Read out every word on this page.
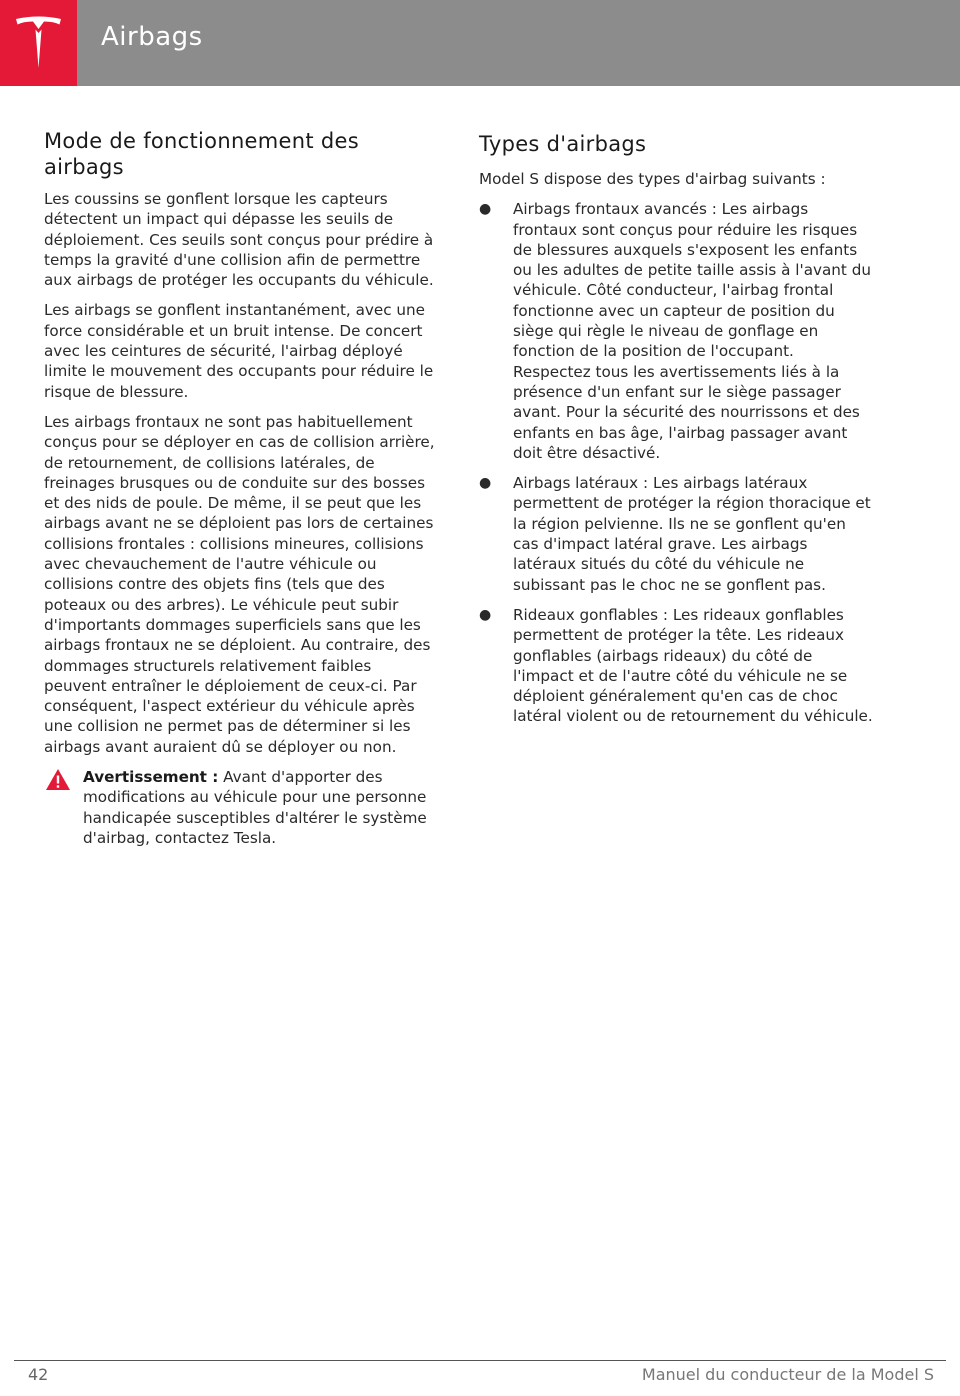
Airbags
Mode de fonctionnement des airbags

Les coussins se gonflent lorsque les capteurs détectent un impact qui dépasse les seuils de déploiement. Ces seuils sont conçus pour prédire à temps la gravité d'une collision afin de permettre aux airbags de protéger les occupants du véhicule.

Les airbags se gonflent instantanément, avec une force considérable et un bruit intense. De concert avec les ceintures de sécurité, l'airbag déployé limite le mouvement des occupants pour réduire le risque de blessure.

Les airbags frontaux ne sont pas habituellement conçus pour se déployer en cas de collision arrière, de retournement, de collisions latérales, de freinages brusques ou de conduite sur des bosses et des nids de poule. De même, il se peut que les airbags avant ne se déploient pas lors de certaines collisions frontales : collisions mineures, collisions avec chevauchement de l'autre véhicule ou collisions contre des objets fins (tels que des poteaux ou des arbres). Le véhicule peut subir d'importants dommages superficiels sans que les airbags frontaux ne se déploient. Au contraire, des dommages structurels relativement faibles peuvent entraîner le déploiement de ceux-ci. Par conséquent, l'aspect extérieur du véhicule après une collision ne permet pas de déterminer si les airbags avant auraient dû se déployer ou non.

Avertissement : Avant d'apporter des modifications au véhicule pour une personne handicapée susceptibles d'altérer le système d'airbag, contactez Tesla.
Types d'airbags

Model S dispose des types d'airbag suivants :

● Airbags frontaux avancés : Les airbags frontaux sont conçus pour réduire les risques de blessures auxquels s'exposent les enfants ou les adultes de petite taille assis à l'avant du véhicule. Côté conducteur, l'airbag frontal fonctionne avec un capteur de position du siège qui règle le niveau de gonflage en fonction de la position de l'occupant. Respectez tous les avertissements liés à la présence d'un enfant sur le siège passager avant. Pour la sécurité des nourrissons et des enfants en bas âge, l'airbag passager avant doit être désactivé.
● Airbags latéraux : Les airbags latéraux permettent de protéger la région thoracique et la région pelvienne. Ils ne se gonflent qu'en cas d'impact latéral grave. Les airbags latéraux situés du côté du véhicule ne subissant pas le choc ne se gonflent pas.
● Rideaux gonflables : Les rideaux gonflables permettent de protéger la tête. Les rideaux gonflables (airbags rideaux) du côté de l'impact et de l'autre côté du véhicule ne se déploient généralement qu'en cas de choc latéral violent ou de retournement du véhicule.
42	Manuel du conducteur de la Model S
